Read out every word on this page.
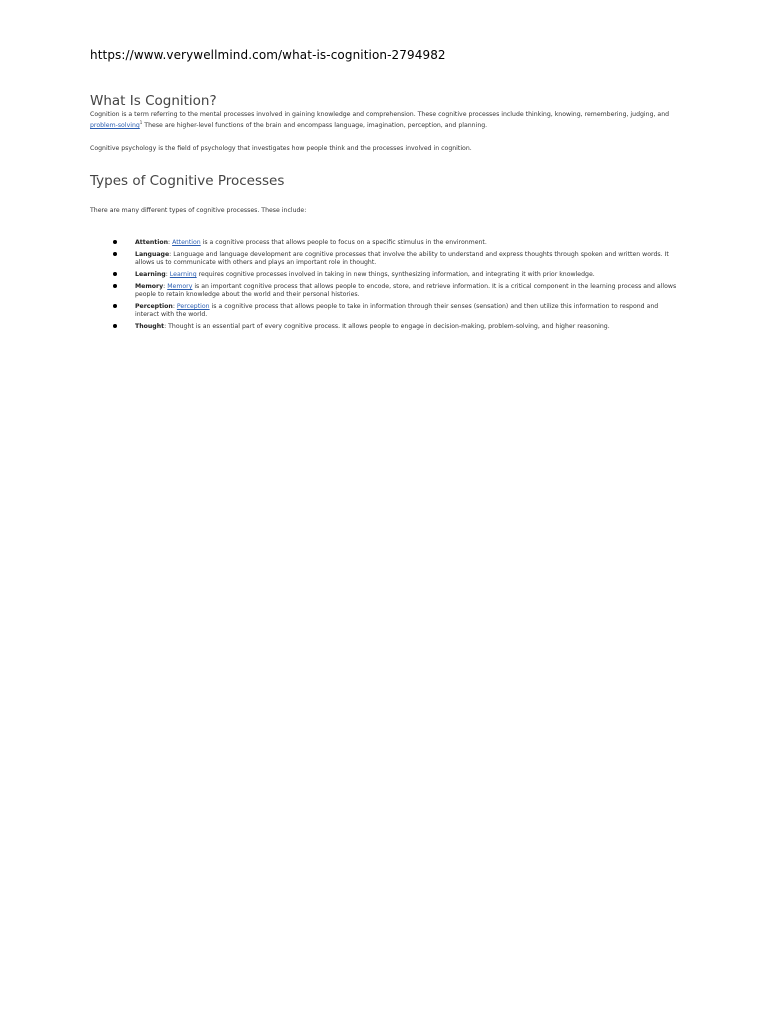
https://www.verywellmind.com/what-is-cognition-2794982
What Is Cognition?

Cognition is a term referring to the mental processes involved in gaining knowledge and comprehension. These cognitive processes include thinking, knowing, remembering, judging, and problem-solving$^1$ These are higher-level functions of the brain and encompass language, imagination, perception, and planning.

Cognitive psychology is the field of psychology that investigates how people think and the processes involved in cognition.

Types of Cognitive Processes

There are many different types of cognitive processes. These include:

Attention: Attention is a cognitive process that allows people to focus on a specific stimulus in the environment.
Language: Language and language development are cognitive processes that involve the ability to understand and express thoughts through spoken and written words. It allows us to communicate with others and plays an important role in thought.
Learning: Learning requires cognitive processes involved in taking in new things, synthesizing information, and integrating it with prior knowledge.
Memory: Memory is an important cognitive process that allows people to encode, store, and retrieve information. It is a critical component in the learning process and allows people to retain knowledge about the world and their personal histories.
Perception: Perception is a cognitive process that allows people to take in information through their senses (sensation) and then utilize this information to respond and interact with the world.
Thought: Thought is an essential part of every cognitive process. It allows people to engage in decision-making, problem-solving, and higher reasoning.
